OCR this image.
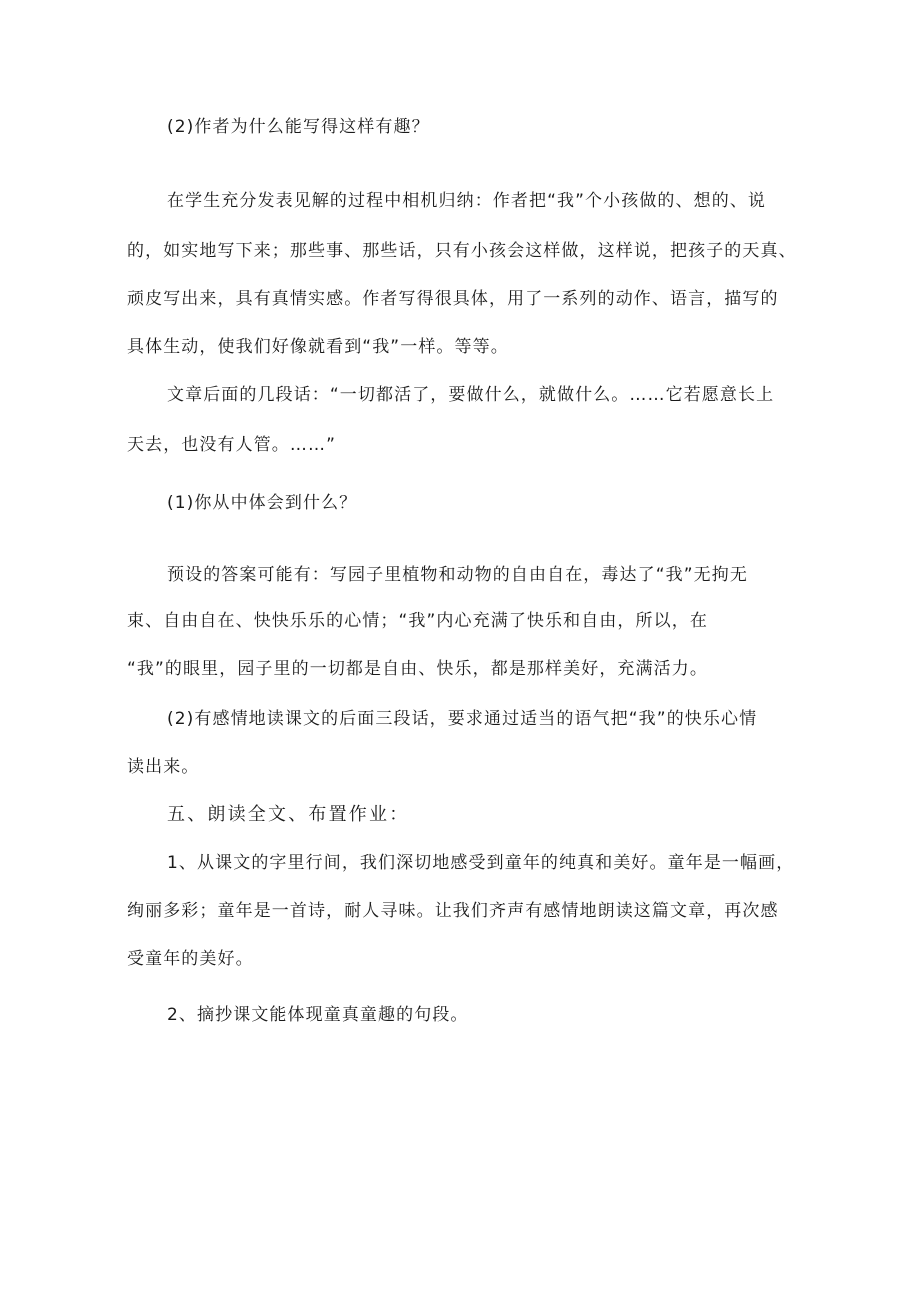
(2)作者为什么能写得这样有趣？
在学生充分发表见解的过程中相机归纳：作者把“我”个小孩做的、想的、说
的，如实地写下来；那些事、那些话，只有小孩会这样做，这样说，把孩子的天真、
顽皮写出来，具有真情实感。作者写得很具体，用了一系列的动作、语言，描写的
具体生动，使我们好像就看到“我”一样。等等。
文章后面的几段话：“一切都活了，要做什么，就做什么。……它若愿意长上
天去，也没有人管。……”
(1)你从中体会到什么？
预设的答案可能有：写园子里植物和动物的自由自在，毒达了“我”无拘无
束、自由自在、快快乐乐的心情；“我”内心充满了快乐和自由，所以，在
“我”的眼里，园子里的一切都是自由、快乐，都是那样美好，充满活力。
(2)有感情地读课文的后面三段话，要求通过适当的语气把“我”的快乐心情
读出来。
五、朗读全文、布置作业：
1、从课文的字里行间，我们深切地感受到童年的纯真和美好。童年是一幅画，
绚丽多彩；童年是一首诗，耐人寻味。让我们齐声有感情地朗读这篇文章，再次感
受童年的美好。
2、摘抄课文能体现童真童趣的句段。
